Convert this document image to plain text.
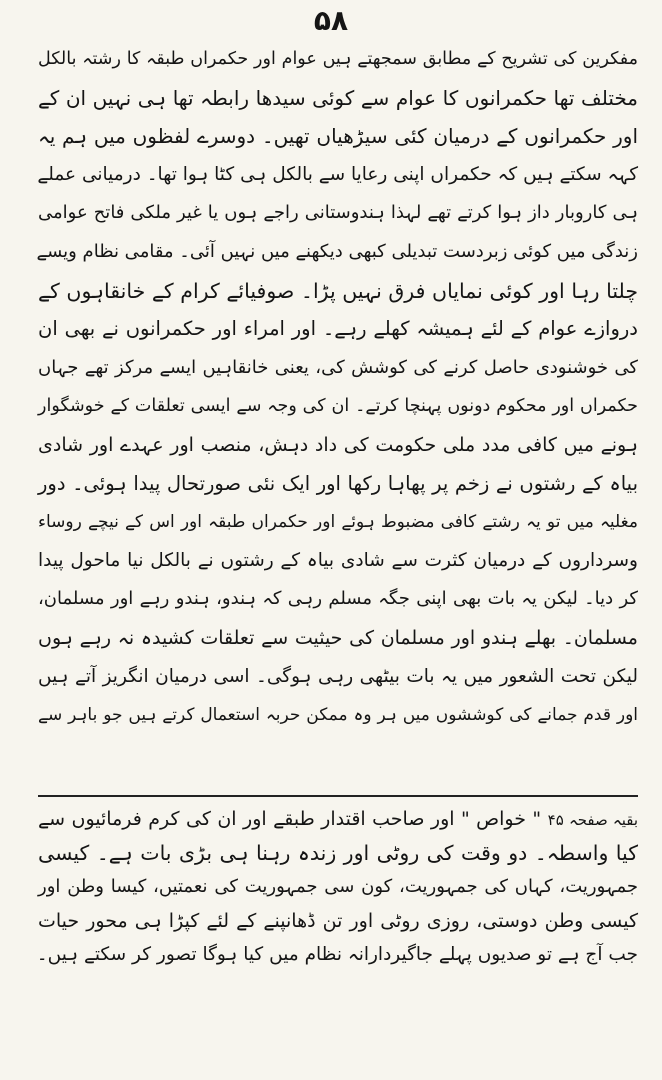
۵۸
مفکرین کی تشریح کے مطابق سمجھتے ہیں عوام اور حکمراں طبقہ کا رشتہ بالکل
مختلف تھا حکمرانوں کا عوام سے کوئی سیدھا رابطہ تھا ہی نہیں ان کے
اور حکمرانوں کے درمیان کئی سیڑھیاں تھیں۔ دوسرے لفظوں میں ہم یہ
کہہ سکتے ہیں کہ حکمراں اپنی رعایا سے بالکل ہی کٹا ہوا تھا۔ درمیانی عملے
ہی کاروبار داز ہوا کرتے تھے لہذا ہندوستانی راجے ہوں یا غیر ملکی فاتح عوامی
زندگی میں کوئی زبردست تبدیلی کبھی دیکھنے میں نہیں آئی۔ مقامی نظام ویسے
چلتا رہا اور کوئی نمایاں فرق نہیں پڑا۔ صوفیائے کرام کے خانقاہوں کے
دروازے عوام کے لئے ہمیشہ کھلے رہے۔ اور امراء اور حکمرانوں نے بھی ان
کی خوشنودی حاصل کرنے کی کوشش کی، یعنی خانقاہیں ایسے مرکز تھے جہاں
حکمراں اور محکوم دونوں پہنچا کرتے۔ ان کی وجہ سے ایسی تعلقات کے خوشگوار
ہونے میں کافی مدد ملی حکومت کی داد دہش، منصب اور عہدے اور شادی
بیاہ کے رشتوں نے زخم پر پھاہا رکھا اور ایک نئی صورتحال پیدا ہوئی۔ دور
مغلیہ میں تو یہ رشتے کافی مضبوط ہوئے اور حکمراں طبقہ اور اس کے نیچے روساء
وسرداروں کے درمیان کثرت سے شادی بیاہ کے رشتوں نے بالکل نیا ماحول پیدا
کر دیا۔ لیکن یہ بات بھی اپنی جگہ مسلم رہی کہ ہندو، ہندو رہے اور مسلمان،
مسلمان۔ بھلے ہندو اور مسلمان کی حیثیت سے تعلقات کشیدہ نہ رہے ہوں
لیکن تحت الشعور میں یہ بات بیٹھی رہی ہوگی۔ اسی درمیان انگریز آتے ہیں
اور قدم جمانے کی کوششوں میں ہر وہ ممکن حربہ استعمال کرتے ہیں جو باہر سے
بقیہ صفحہ ۴۵ " خواص " اور صاحب اقتدار طبقے اور ان کی کرم فرمائیوں سے
کیا واسطہ۔ دو وقت کی روٹی اور زندہ رہنا ہی بڑی بات ہے۔ کیسی
جمہوریت، کہاں کی جمہوریت، کون سی جمہوریت کی نعمتیں، کیسا وطن اور
کیسی وطن دوستی، روزی روٹی اور تن ڈھانپنے کے لئے کپڑا ہی محور حیات
جب آج ہے تو صدیوں پہلے جاگیردارانہ نظام میں کیا ہوگا تصور کر سکتے ہیں۔
